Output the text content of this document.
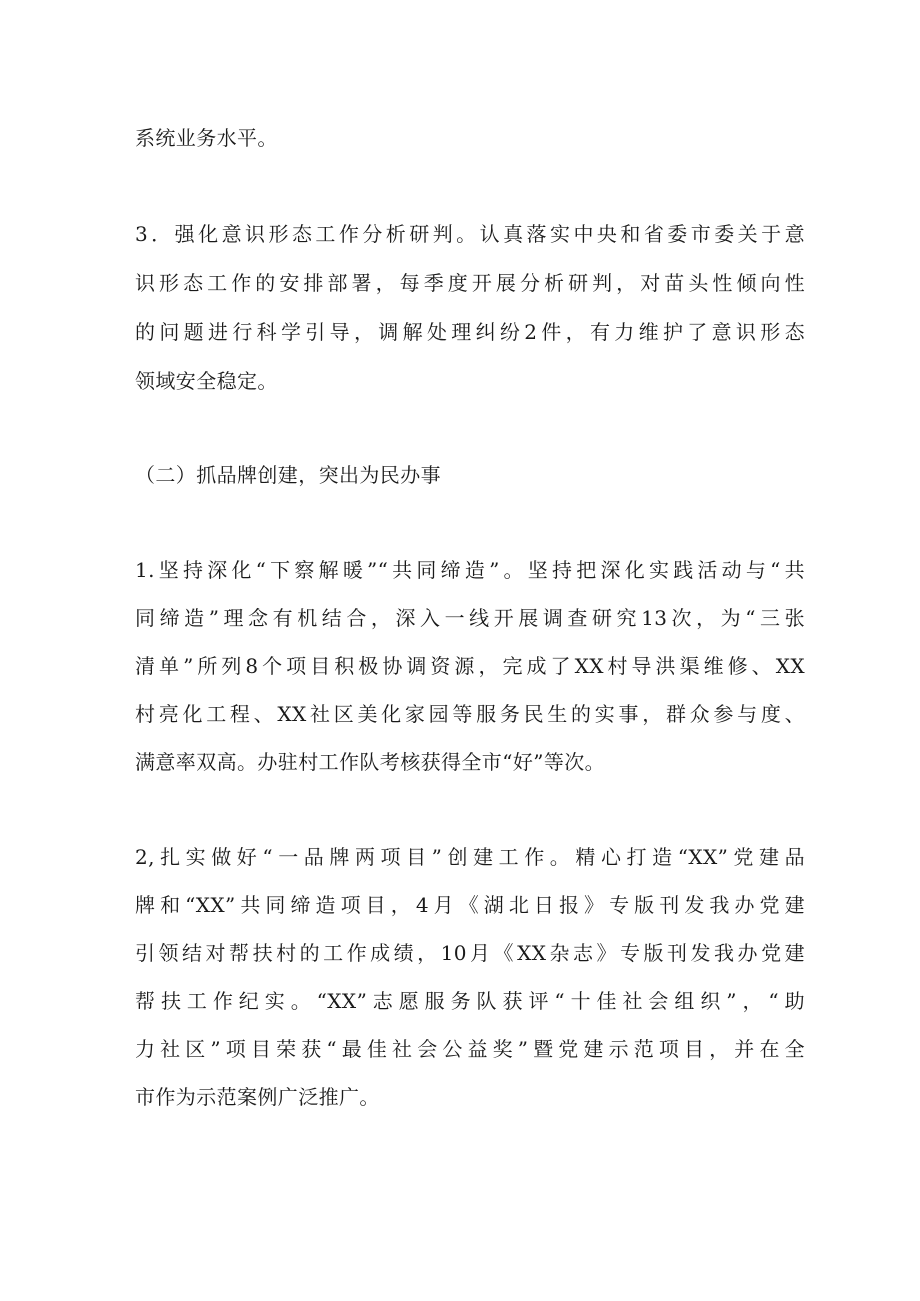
系统业务水平。
3．强化意识形态工作分析研判。认真落实中央和省委市委关于意
识形态工作的安排部署，每季度开展分析研判，对苗头性倾向性
的问题进行科学引导，调解处理纠纷2件，有力维护了意识形态
领域安全稳定。
（二）抓品牌创建，突出为民办事
1.坚持深化“下察解暖”“共同缔造”。坚持把深化实践活动与“共
同缔造”理念有机结合，深入一线开展调查研究13次，为“三张
清单”所列8个项目积极协调资源，完成了XX村导洪渠维修、XX
村亮化工程、XX社区美化家园等服务民生的实事，群众参与度、
满意率双高。办驻村工作队考核获得全市“好”等次。
2,扎实做好“一品牌两项目”创建工作。精心打造“XX”党建品
牌和“XX”共同缔造项目，4月《湖北日报》专版刊发我办党建
引领结对帮扶村的工作成绩，10月《XX杂志》专版刊发我办党建
帮扶工作纪实。“XX”志愿服务队获评“十佳社会组织”，“助
力社区”项目荣获“最佳社会公益奖”暨党建示范项目，并在全
市作为示范案例广泛推广。
